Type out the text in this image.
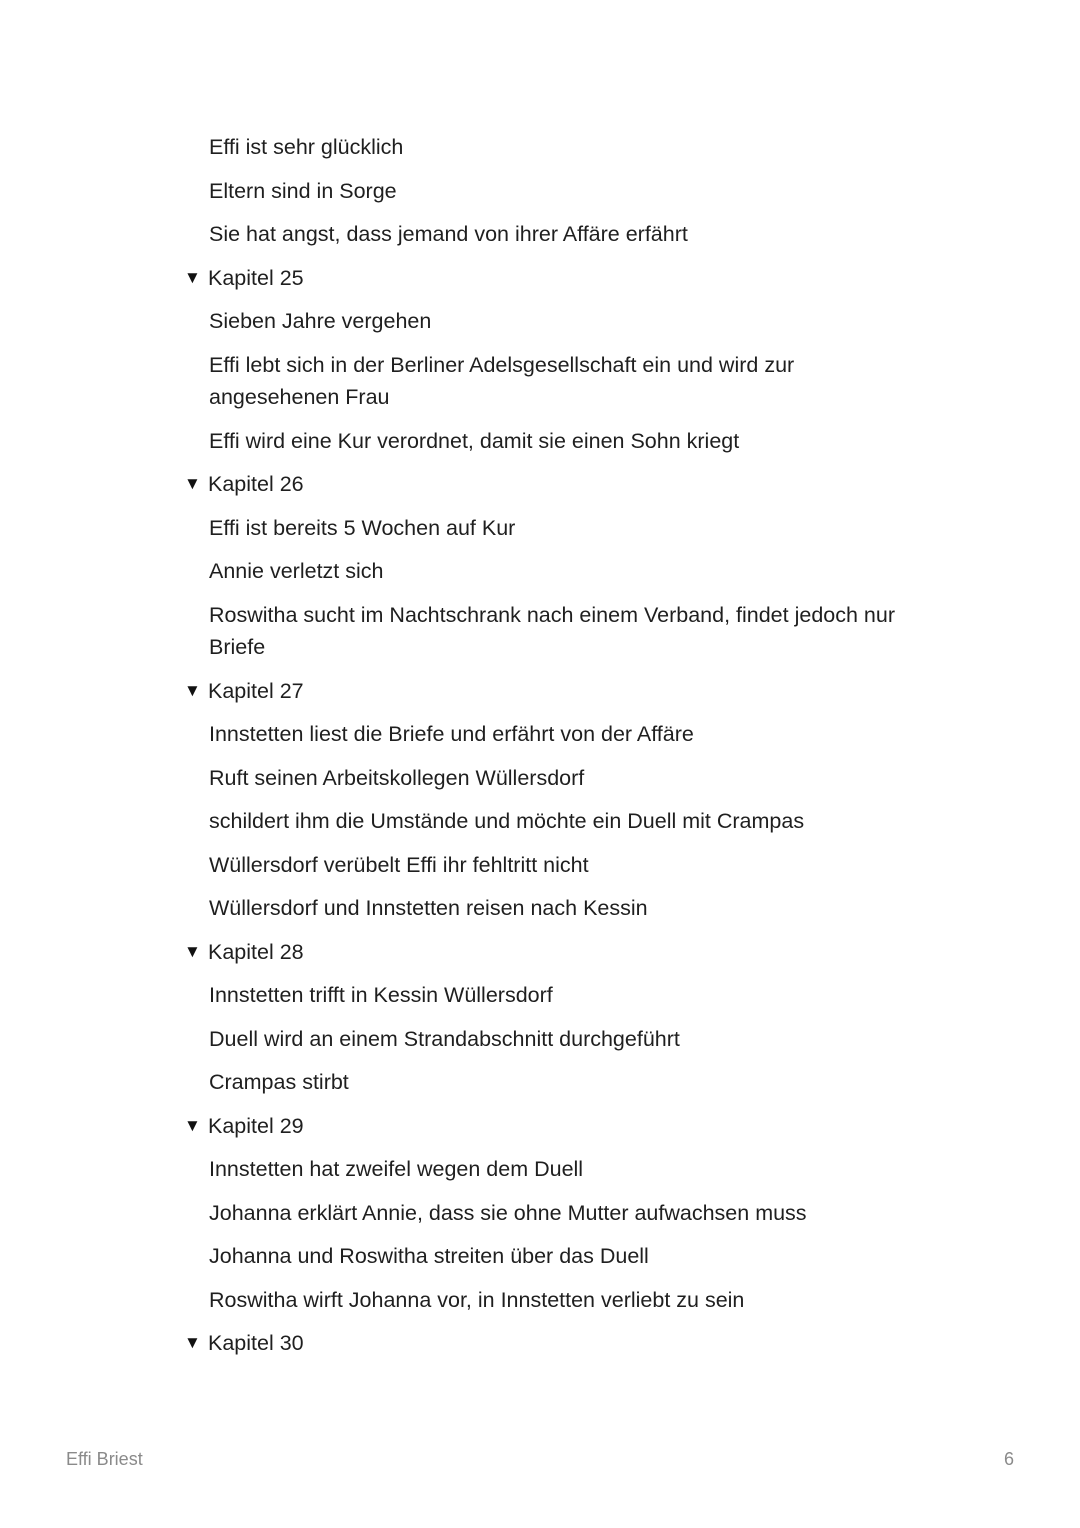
Effi ist sehr glücklich
Eltern sind in Sorge
Sie hat angst, dass jemand von ihrer Affäre erfährt
▼ Kapitel 25
Sieben Jahre vergehen
Effi lebt sich in der Berliner Adelsgesellschaft ein und wird zur angesehenen Frau
Effi wird eine Kur verordnet, damit sie einen Sohn kriegt
▼ Kapitel 26
Effi ist bereits 5 Wochen auf Kur
Annie verletzt sich
Roswitha sucht im Nachtschrank nach einem Verband, findet jedoch nur Briefe
▼ Kapitel 27
Innstetten liest die Briefe und erfährt von der Affäre
Ruft seinen Arbeitskollegen Wüllersdorf
schildert ihm die Umstände und möchte ein Duell mit Crampas
Wüllersdorf verübelt Effi ihr fehltritt nicht
Wüllersdorf und Innstetten reisen nach Kessin
▼ Kapitel 28
Innstetten trifft in Kessin Wüllersdorf
Duell wird an einem Strandabschnitt durchgeführt
Crampas stirbt
▼ Kapitel 29
Innstetten hat zweifel wegen dem Duell
Johanna erklärt Annie, dass sie ohne Mutter aufwachsen muss
Johanna und Roswitha streiten über das Duell
Roswitha wirft Johanna vor, in Innstetten verliebt zu sein
▼ Kapitel 30
Effi Briest	6
